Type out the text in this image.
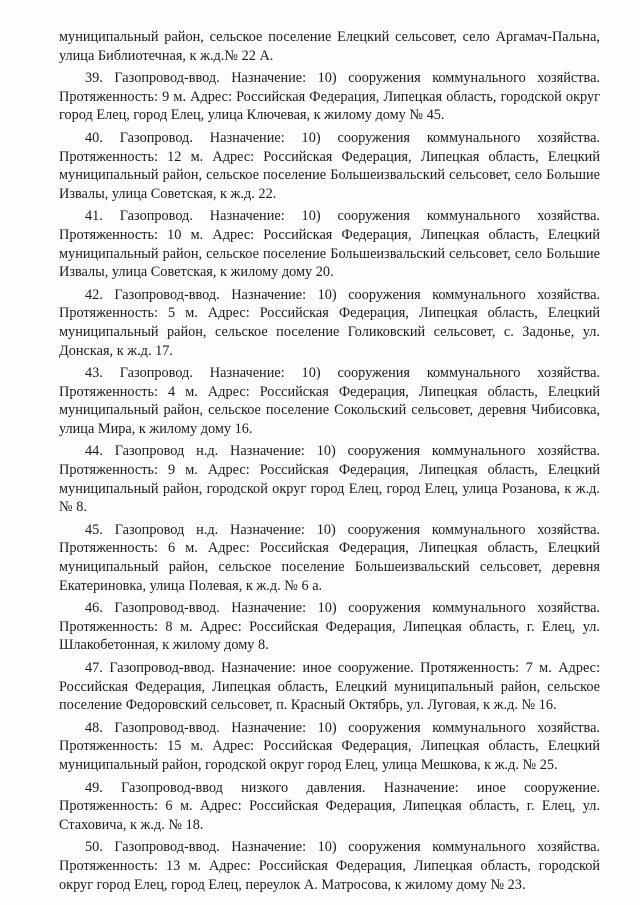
муниципальный район, сельское поселение Елецкий сельсовет, село Аргамач-Пальна, улица Библиотечная, к ж.д.№ 22 А.

39. Газопровод-ввод. Назначение: 10) сооружения коммунального хозяйства. Протяженность: 9 м. Адрес: Российская Федерация, Липецкая область, городской округ город Елец, город Елец, улица Ключевая, к жилому дому № 45.

40. Газопровод. Назначение: 10) сооружения коммунального хозяйства. Протяженность: 12 м. Адрес: Российская Федерация, Липецкая область, Елецкий муниципальный район, сельское поселение Большеизвальский сельсовет, село Большие Извалы, улица Советская, к ж.д. 22.

41. Газопровод. Назначение: 10) сооружения коммунального хозяйства. Протяженность: 10 м. Адрес: Российская Федерация, Липецкая область, Елецкий муниципальный район, сельское поселение Большеизвальский сельсовет, село Большие Извалы, улица Советская, к жилому дому 20.

42. Газопровод-ввод. Назначение: 10) сооружения коммунального хозяйства. Протяженность: 5 м. Адрес: Российская Федерация, Липецкая область, Елецкий муниципальный район, сельское поселение Голиковский сельсовет, с. Задонье, ул. Донская, к ж.д. 17.

43. Газопровод. Назначение: 10) сооружения коммунального хозяйства. Протяженность: 4 м. Адрес: Российская Федерация, Липецкая область, Елецкий муниципальный район, сельское поселение Сокольский сельсовет, деревня Чибисовка, улица Мира, к жилому дому 16.

44. Газопровод н.д. Назначение: 10) сооружения коммунального хозяйства. Протяженность: 9 м. Адрес: Российская Федерация, Липецкая область, Елецкий муниципальный район, городской округ город Елец, город Елец, улица Розанова, к ж.д. № 8.

45. Газопровод н.д. Назначение: 10) сооружения коммунального хозяйства. Протяженность: 6 м. Адрес: Российская Федерация, Липецкая область, Елецкий муниципальный район, сельское поселение Большеизвальский сельсовет, деревня Екатериновка, улица Полевая, к ж.д. № 6 а.

46. Газопровод-ввод. Назначение: 10) сооружения коммунального хозяйства. Протяженность: 8 м. Адрес: Российская Федерация, Липецкая область, г. Елец, ул. Шлакобетонная, к жилому дому 8.

47. Газопровод-ввод. Назначение: иное сооружение. Протяженность: 7 м. Адрес: Российская Федерация, Липецкая область, Елецкий муниципальный район, сельское поселение Федоровский сельсовет, п. Красный Октябрь, ул. Луговая, к ж.д. № 16.

48. Газопровод-ввод. Назначение: 10) сооружения коммунального хозяйства. Протяженность: 15 м. Адрес: Российская Федерация, Липецкая область, Елецкий муниципальный район, городской округ город Елец, улица Мешкова, к ж.д. № 25.

49. Газопровод-ввод низкого давления. Назначение: иное сооружение. Протяженность: 6 м. Адрес: Российская Федерация, Липецкая область, г. Елец, ул. Стаховича, к ж.д. № 18.

50. Газопровод-ввод. Назначение: 10) сооружения коммунального хозяйства. Протяженность: 13 м. Адрес: Российская Федерация, Липецкая область, городской округ город Елец, город Елец, переулок А. Матросова, к жилому дому № 23.
